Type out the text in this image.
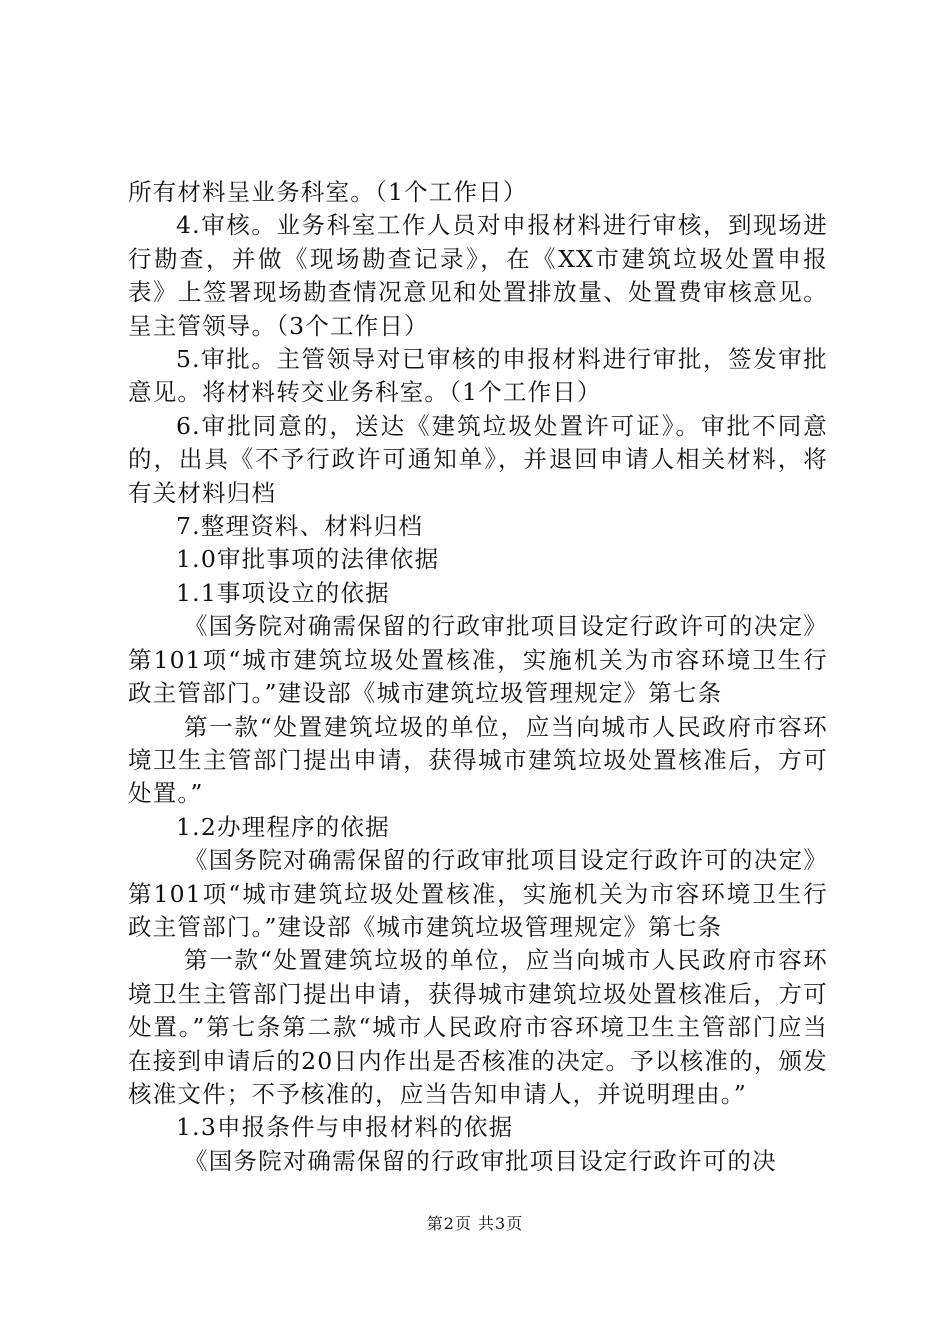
所有材料呈业务科室。（1个工作日）

4.审核。业务科室工作人员对申报材料进行审核，到现场进行勘查，并做《现场勘查记录》，在《XX市建筑垃圾处置申报表》上签署现场勘查情况意见和处置排放量、处置费审核意见。呈主管领导。（3个工作日）

5.审批。主管领导对已审核的申报材料进行审批，签发审批意见。将材料转交业务科室。（1个工作日）

6.审批同意的，送达《建筑垃圾处置许可证》。审批不同意的，出具《不予行政许可通知单》，并退回申请人相关材料，将有关材料归档

7.整理资料、材料归档

1.0审批事项的法律依据

1.1事项设立的依据

《国务院对确需保留的行政审批项目设定行政许可的决定》第101项“城市建筑垃圾处置核准，实施机关为市容环境卫生行政主管部门。”建设部《城市建筑垃圾管理规定》第七条

第一款“处置建筑垃圾的单位，应当向城市人民政府市容环境卫生主管部门提出申请，获得城市建筑垃圾处置核准后，方可处置。”

1.2办理程序的依据

《国务院对确需保留的行政审批项目设定行政许可的决定》第101项“城市建筑垃圾处置核准，实施机关为市容环境卫生行政主管部门。”建设部《城市建筑垃圾管理规定》第七条

第一款“处置建筑垃圾的单位，应当向城市人民政府市容环境卫生主管部门提出申请，获得城市建筑垃圾处置核准后，方可处置。”第七条第二款“城市人民政府市容环境卫生主管部门应当在接到申请后的20日内作出是否核准的决定。予以核准的，颁发核准文件；不予核准的，应当告知申请人，并说明理由。”

1.3申报条件与申报材料的依据

《国务院对确需保留的行政审批项目设定行政许可的决

第2页 共3页
